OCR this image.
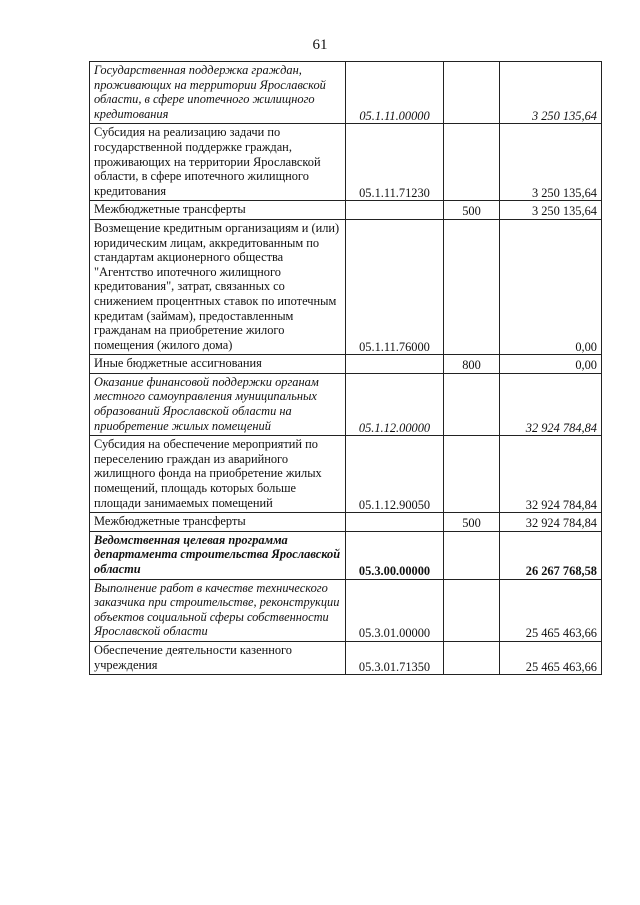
61
Государственная поддержка граждан, проживающих на территории Ярославской области, в сфере ипотечного жилищного кредитования	05.1.11.00000		3 250 135,64
Субсидия на реализацию задачи по государственной поддержке граждан, проживающих на территории Ярославской области, в сфере ипотечного жилищного кредитования	05.1.11.71230		3 250 135,64
Межбюджетные трансферты		500	3 250 135,64
Возмещение кредитным организациям и (или) юридическим лицам, аккредитованным по стандартам акционерного общества "Агентство ипотечного жилищного кредитования", затрат, связанных со снижением процентных ставок по ипотечным кредитам (займам), предоставленным гражданам на приобретение жилого помещения (жилого дома)	05.1.11.76000		0,00
Иные бюджетные ассигнования		800	0,00
Оказание финансовой поддержки органам местного самоуправления муниципальных образований Ярославской области на приобретение жилых помещений	05.1.12.00000		32 924 784,84
Субсидия на обеспечение мероприятий по переселению граждан из аварийного жилищного фонда на приобретение жилых помещений, площадь которых больше площади занимаемых помещений	05.1.12.90050		32 924 784,84
Межбюджетные трансферты		500	32 924 784,84
Ведомственная целевая программа департамента строительства Ярославской области	05.3.00.00000		26 267 768,58
Выполнение работ в качестве технического заказчика при строительстве, реконструкции объектов социальной сферы собственности Ярославской области	05.3.01.00000		25 465 463,66
Обеспечение деятельности казенного учреждения	05.3.01.71350		25 465 463,66
